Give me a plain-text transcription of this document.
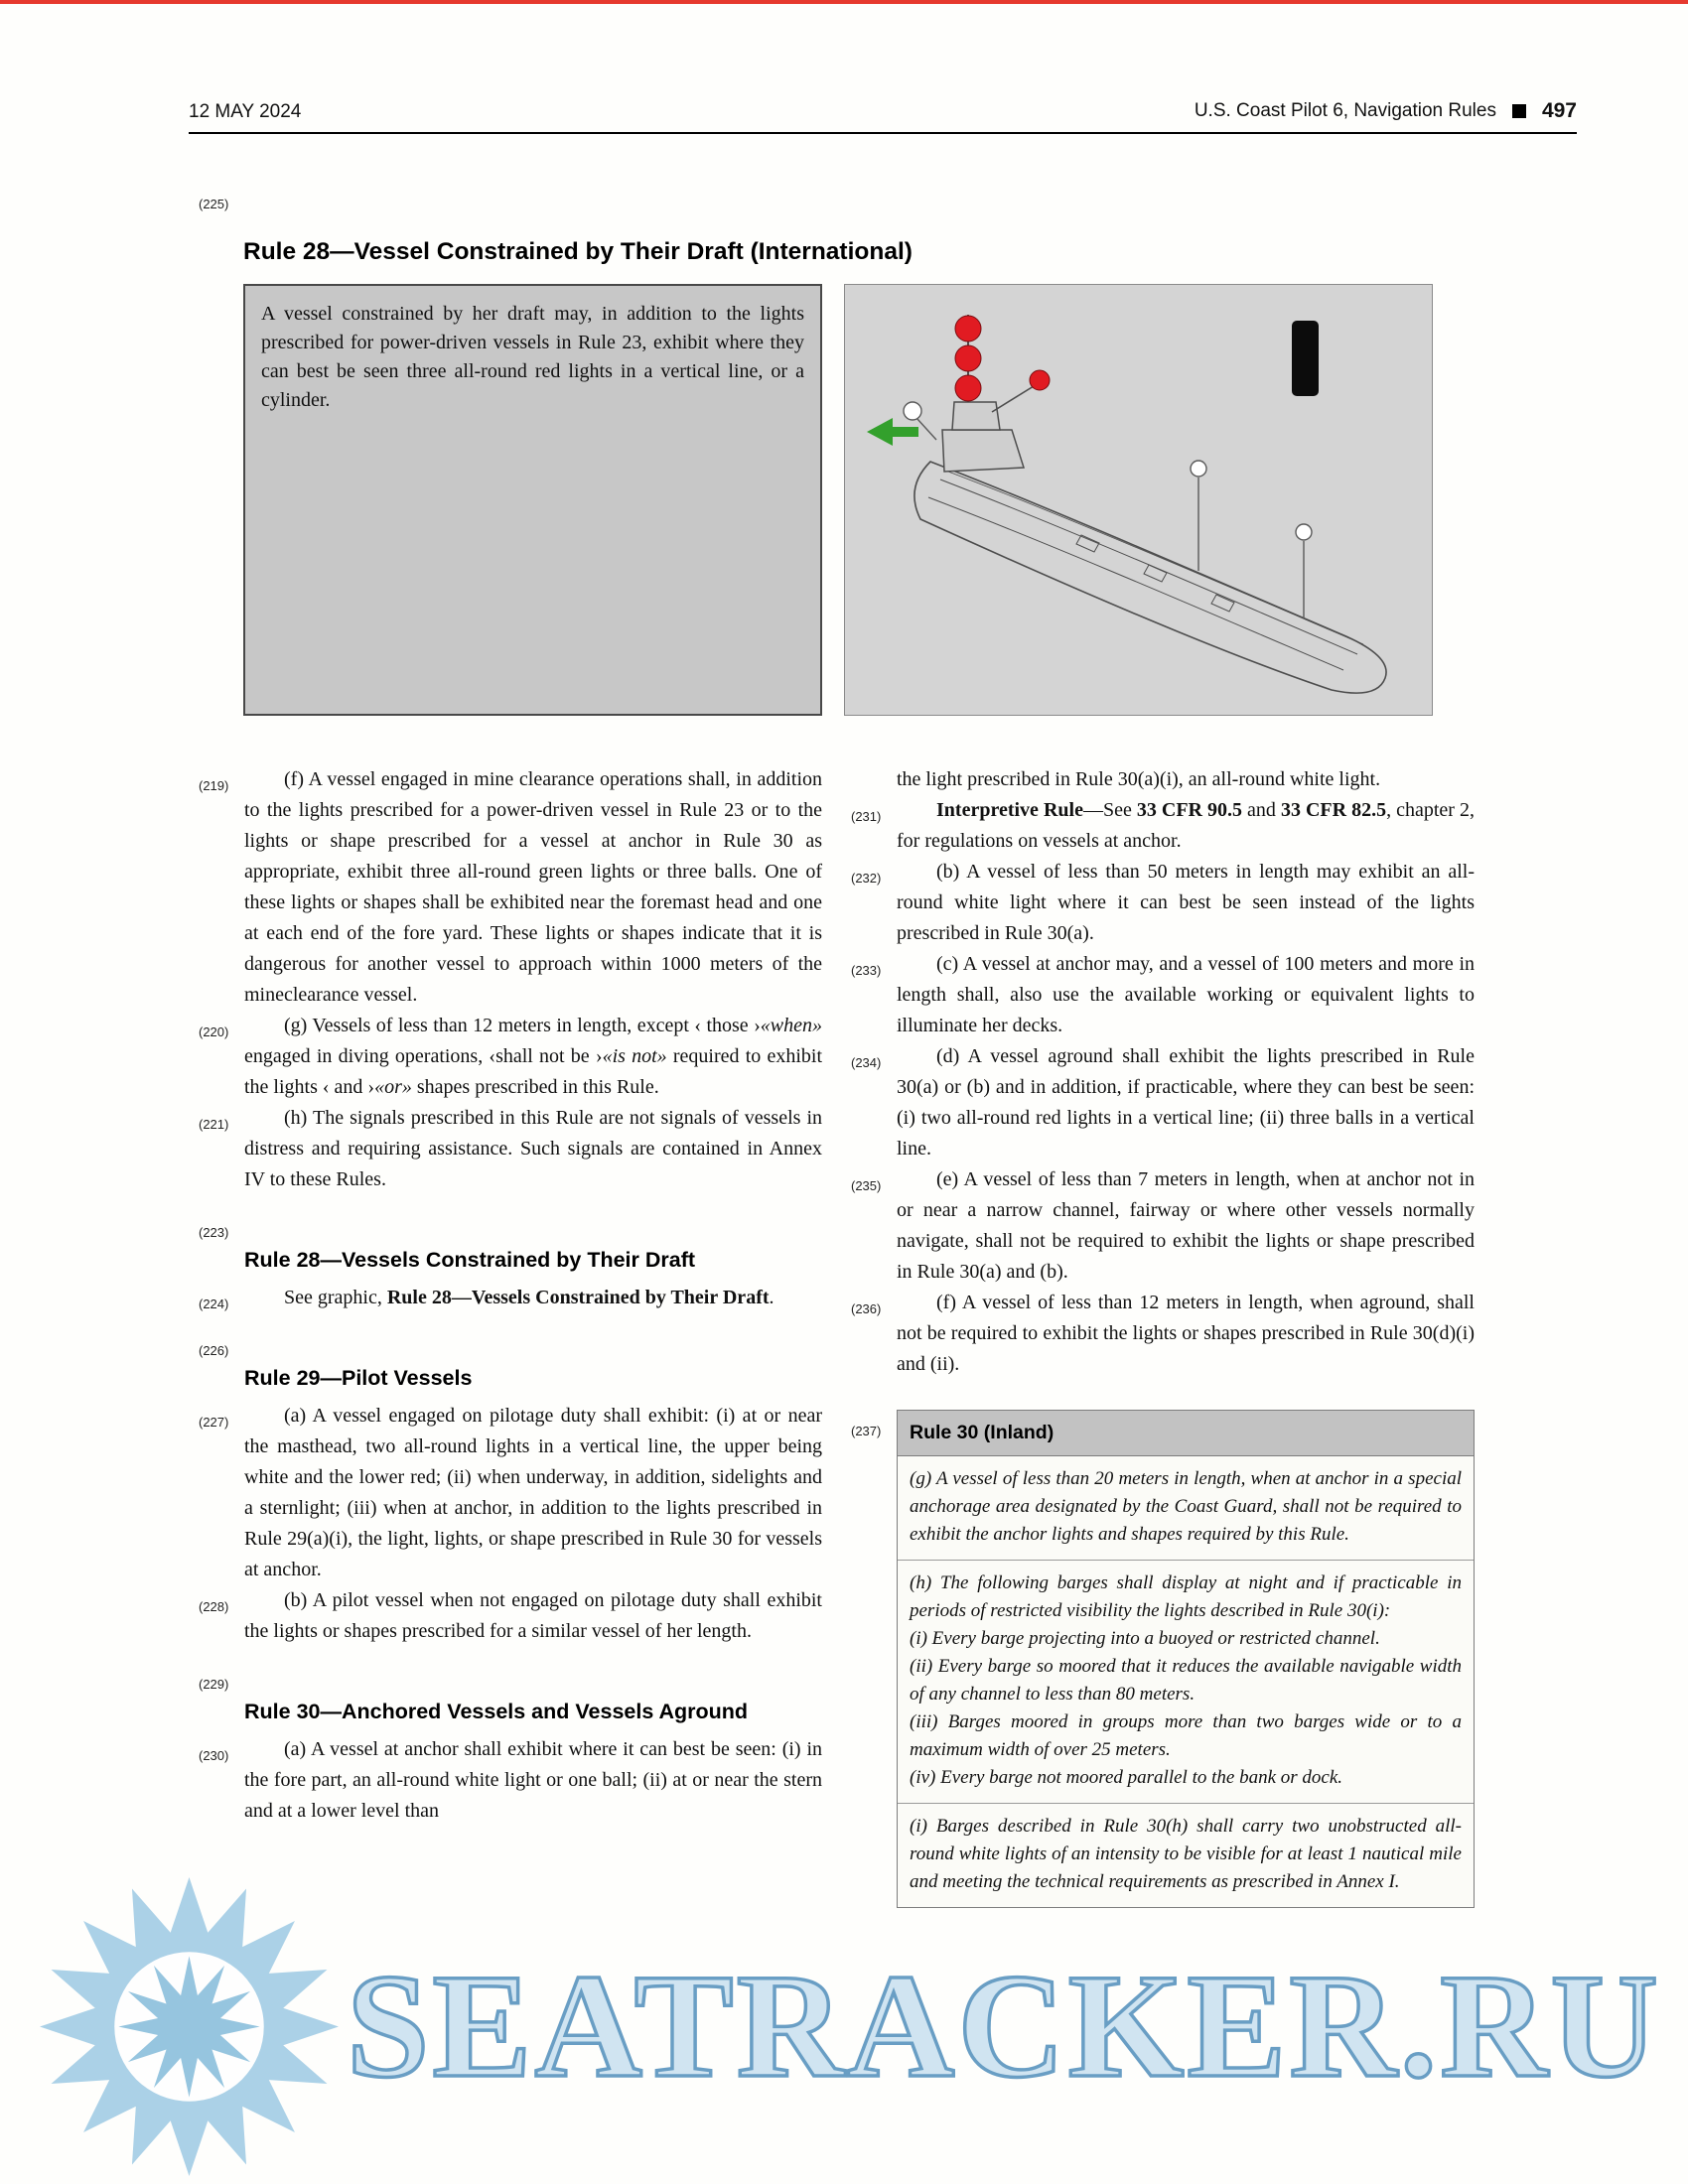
12 MAY 2024	U.S. Coast Pilot 6, Navigation Rules 497
(225)
Rule 28—Vessel Constrained by Their Draft (International)
A vessel constrained by her draft may, in addition to the lights prescribed for power-driven vessels in Rule 23, exhibit where they can best be seen three all-round red lights in a vertical line, or a cylinder.
(219)	(f) A vessel engaged in mine clearance operations shall, in addition to the lights prescribed for a power-driven vessel in Rule 23 or to the lights or shape prescribed for a vessel at anchor in Rule 30 as appropriate, exhibit three all-round green lights or three balls. One of these lights or shapes shall be exhibited near the foremast head and one at each end of the fore yard. These lights or shapes indicate that it is dangerous for another vessel to approach within 1000 meters of the mineclearance vessel.
(220)	(g) Vessels of less than 12 meters in length, except ‹ those ›«when» engaged in diving operations, ‹shall not be ›«is not» required to exhibit the lights ‹ and ›«or» shapes prescribed in this Rule.
(221)	(h) The signals prescribed in this Rule are not signals of vessels in distress and requiring assistance. Such signals are contained in Annex IV to these Rules.
(223)
Rule 28—Vessels Constrained by Their Draft
(224)	See graphic, Rule 28—Vessels Constrained by Their Draft.
(226)
Rule 29—Pilot Vessels
(227)	(a) A vessel engaged on pilotage duty shall exhibit: (i) at or near the masthead, two all-round lights in a vertical line, the upper being white and the lower red; (ii) when underway, in addition, sidelights and a sternlight; (iii) when at anchor, in addition to the lights prescribed in Rule 29(a)(i), the light, lights, or shape prescribed in Rule 30 for vessels at anchor.
(228)	(b) A pilot vessel when not engaged on pilotage duty shall exhibit the lights or shapes prescribed for a similar vessel of her length.
(229)
Rule 30—Anchored Vessels and Vessels Aground
(230)	(a) A vessel at anchor shall exhibit where it can best be seen: (i) in the fore part, an all-round white light or one ball; (ii) at or near the stern and at a lower level than
the light prescribed in Rule 30(a)(i), an all-round white light.
(231)	Interpretive Rule—See 33 CFR 90.5 and 33 CFR 82.5, chapter 2, for regulations on vessels at anchor.
(232)	(b) A vessel of less than 50 meters in length may exhibit an all-round white light where it can best be seen instead of the lights prescribed in Rule 30(a).
(233)	(c) A vessel at anchor may, and a vessel of 100 meters and more in length shall, also use the available working or equivalent lights to illuminate her decks.
(234)	(d) A vessel aground shall exhibit the lights prescribed in Rule 30(a) or (b) and in addition, if practicable, where they can best be seen: (i) two all-round red lights in a vertical line; (ii) three balls in a vertical line.
(235)	(e) A vessel of less than 7 meters in length, when at anchor not in or near a narrow channel, fairway or where other vessels normally navigate, shall not be required to exhibit the lights or shape prescribed in Rule 30(a) and (b).
(236)	(f) A vessel of less than 12 meters in length, when aground, shall not be required to exhibit the lights or shapes prescribed in Rule 30(d)(i) and (ii).
(237)	Rule 30 (Inland)

(g) A vessel of less than 20 meters in length, when at anchor in a special anchorage area designated by the Coast Guard, shall not be required to exhibit the anchor lights and shapes required by this Rule.

(h) The following barges shall display at night and if practicable in periods of restricted visibility the lights described in Rule 30(i):

(i) Every barge projecting into a buoyed or restricted channel.

(ii) Every barge so moored that it reduces the available navigable width of any channel to less than 80 meters.

(iii) Barges moored in groups more than two barges wide or to a maximum width of over 25 meters.

(iv) Every barge not moored parallel to the bank or dock.

(i) Barges described in Rule 30(h) shall carry two unobstructed all-round white lights of an intensity to be visible for at least 1 nautical mile and meeting the technical requirements as prescribed in Annex I.

SEATRACKER.RU
